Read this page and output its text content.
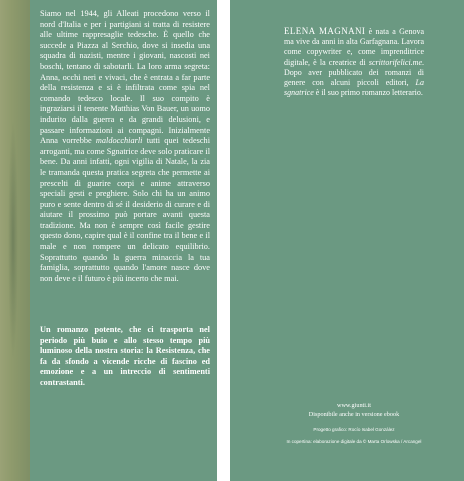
Siamo nel 1944, gli Alleati procedono verso il nord d'Italia e per i partigiani si tratta di resistere alle ultime rappresaglie tedesche. È quello che succede a Piazza al Serchio, dove si insedia una squadra di nazisti, mentre i giovani, nascosti nei boschi, tentano di sabotarli. La loro arma segreta: Anna, occhi neri e vivaci, che è entrata a far parte della resistenza e si è infiltrata come spia nel comando tedesco locale. Il suo compito è ingraziarsi il tenente Matthias Von Bauer, un uomo indurito dalla guerra e da grandi delusioni, e passare informazioni ai compagni. Inizialmente Anna vorrebbe maldocchiarli tutti quei tedeschi arroganti, ma come Sgnatrice deve solo praticare il bene. Da anni infatti, ogni vigilia di Natale, la zia le tramanda questa pratica segreta che permette ai prescelti di guarire corpi e anime attraverso speciali gesti e preghiere. Solo chi ha un animo puro e sente dentro di sé il desiderio di curare e di aiutare il prossimo può portare avanti questa tradizione. Ma non è sempre così facile gestire questo dono, capire qual è il confine tra il bene e il male e non rompere un delicato equilibrio. Soprattutto quando la guerra minaccia la tua famiglia, soprattutto quando l'amore nasce dove non deve e il futuro è più incerto che mai.

Un romanzo potente, che ci trasporta nel periodo più buio e allo stesso tempo più luminoso della nostra storia: la Resistenza, che fa da sfondo a vicende ricche di fascino ed emozione e a un intreccio di sentimenti contrastanti.

ELENA MAGNANI è nata a Genova ma vive da anni in alta Garfagnana. Lavora come copywriter e, come imprenditrice digitale, è la creatrice di scrittorifelici.me. Dopo aver pubblicato dei romanzi di genere con alcuni piccoli editori, La sgnatrice è il suo primo romanzo letterario.

www.giunti.it

Disponibile anche in versione ebook

Progetto grafico: Rocío Isabel González

In copertina: elaborazione digitale da © Marta Orlowska / Arcangel
